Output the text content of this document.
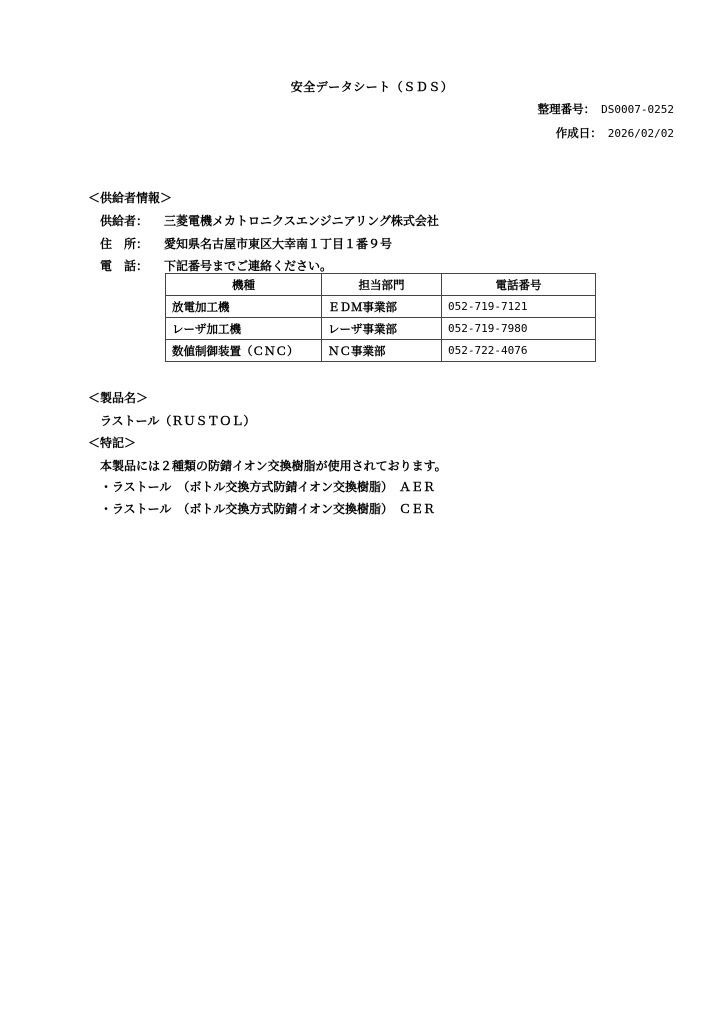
安全データシート（ＳＤＳ）
整理番号： DS0007-0252
作成日： 2026/02/02
＜供給者情報＞
供給者： 三菱電機メカトロニクスエンジニアリング株式会社
住　所： 愛知県名古屋市東区大幸南１丁目１番９号
電　話： 下記番号までご連絡ください。
機種	担当部門	電話番号
放電加工機	ＥＤＭ事業部	052-719-7121
レーザ加工機	レーザ事業部	052-719-7980
数値制御装置（ＣＮＣ）	ＮＣ事業部	052-722-4076
＜製品名＞
ラストール（ＲＵＳＴＯＬ）
＜特記＞
本製品には２種類の防錆イオン交換樹脂が使用されております。
・ラストール　（ボトル交換方式防錆イオン交換樹脂）　ＡＥＲ
・ラストール　（ボトル交換方式防錆イオン交換樹脂）　ＣＥＲ
